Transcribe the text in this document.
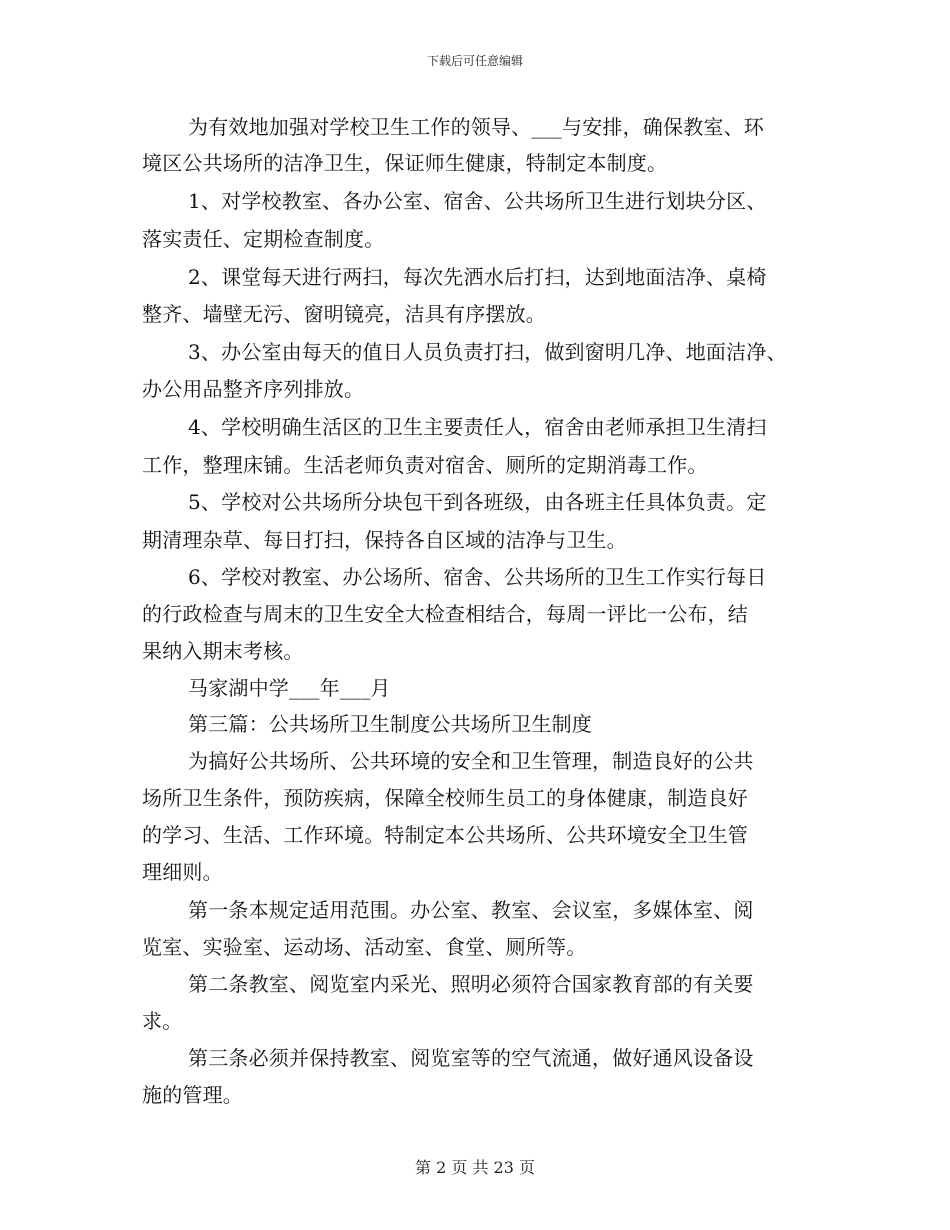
下载后可任意编辑
为有效地加强对学校卫生工作的领导、___与安排，确保教室、环
境区公共场所的洁净卫生，保证师生健康，特制定本制度。
1、对学校教室、各办公室、宿舍、公共场所卫生进行划块分区、
落实责任、定期检查制度。
2、课堂每天进行两扫，每次先洒水后打扫，达到地面洁净、桌椅
整齐、墙壁无污、窗明镜亮，洁具有序摆放。
3、办公室由每天的值日人员负责打扫，做到窗明几净、地面洁净、
办公用品整齐序列排放。
4、学校明确生活区的卫生主要责任人，宿舍由老师承担卫生清扫
工作，整理床铺。生活老师负责对宿舍、厕所的定期消毒工作。
5、学校对公共场所分块包干到各班级，由各班主任具体负责。定
期清理杂草、每日打扫，保持各自区域的洁净与卫生。
6、学校对教室、办公场所、宿舍、公共场所的卫生工作实行每日
的行政检查与周末的卫生安全大检查相结合，每周一评比一公布，结
果纳入期末考核。
马家湖中学___年___月
第三篇：公共场所卫生制度公共场所卫生制度
为搞好公共场所、公共环境的安全和卫生管理，制造良好的公共
场所卫生条件，预防疾病，保障全校师生员工的身体健康，制造良好
的学习、生活、工作环境。特制定本公共场所、公共环境安全卫生管
理细则。
第一条本规定适用范围。办公室、教室、会议室，多媒体室、阅
览室、实验室、运动场、活动室、食堂、厕所等。
第二条教室、阅览室内采光、照明必须符合国家教育部的有关要
求。
第三条必须并保持教室、阅览室等的空气流通，做好通风设备设
施的管理。
第 2 页 共 23 页
